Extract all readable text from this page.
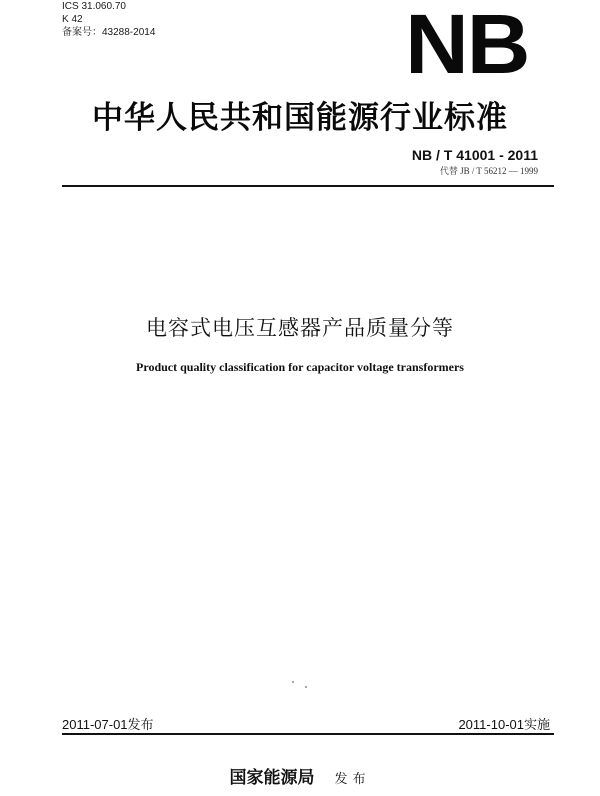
ICS 31.060.70
K 42
备案号：43288-2014	NB
中华人民共和国能源行业标准
NB / T 41001 - 2011
代替 JB / T 56212 — 1999
电容式电压互感器产品质量分等
Product quality classification for capacitor voltage transformers
2011-07-01发布	2011-10-01实施
国家能源局 发布
